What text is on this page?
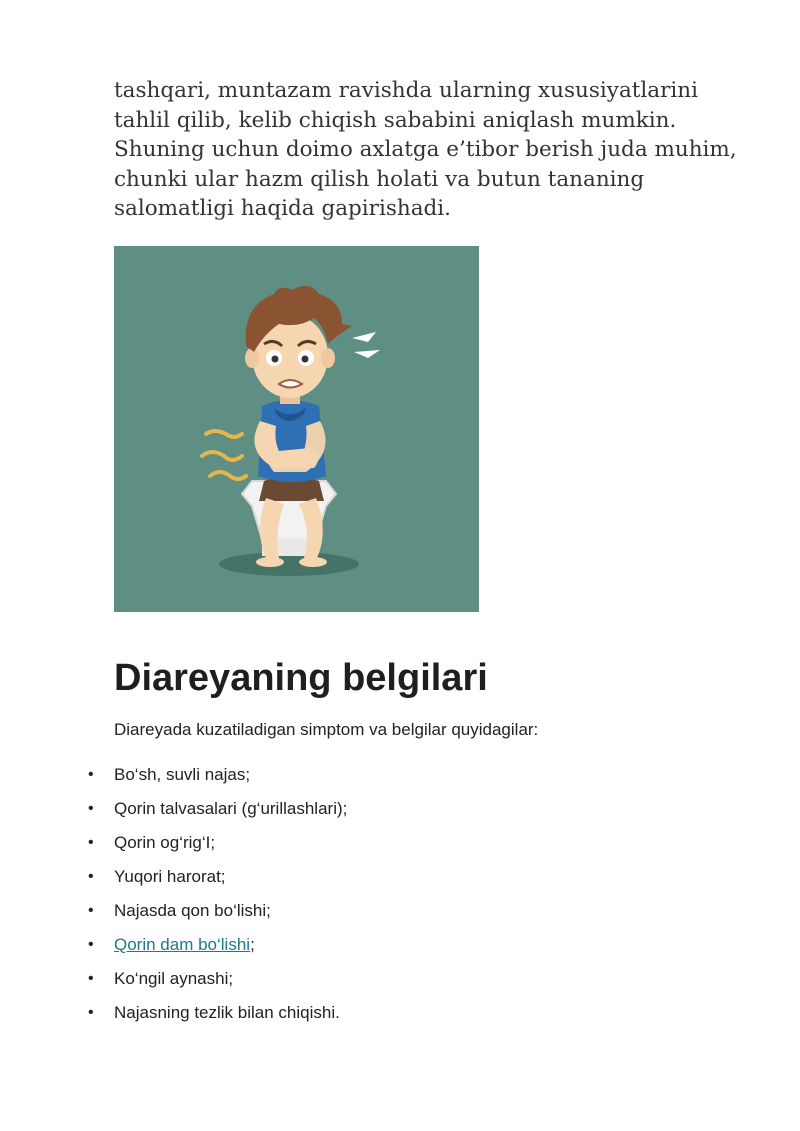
tashqari, muntazam ravishda ularning xususiyatlarini tahlil qilib, kelib chiqish sababini aniqlash mumkin. Shuning uchun doimo axlatga e’tibor berish juda muhim, chunki ular hazm qilish holati va butun tananing salomatligi haqida gapirishadi.

Diareyaning belgilari

Diareyada kuzatiladigan simptom va belgilar quyidagilar:

• Bo‘sh, suvli najas;
• Qorin talvasalari (g‘urillashlari);
• Qorin og‘rig‘I;
• Yuqori harorat;
• Najasda qon bo‘lishi;
• Qorin dam bo‘lishi;
• Ko‘ngil aynashi;
• Najasning tezlik bilan chiqishi.
